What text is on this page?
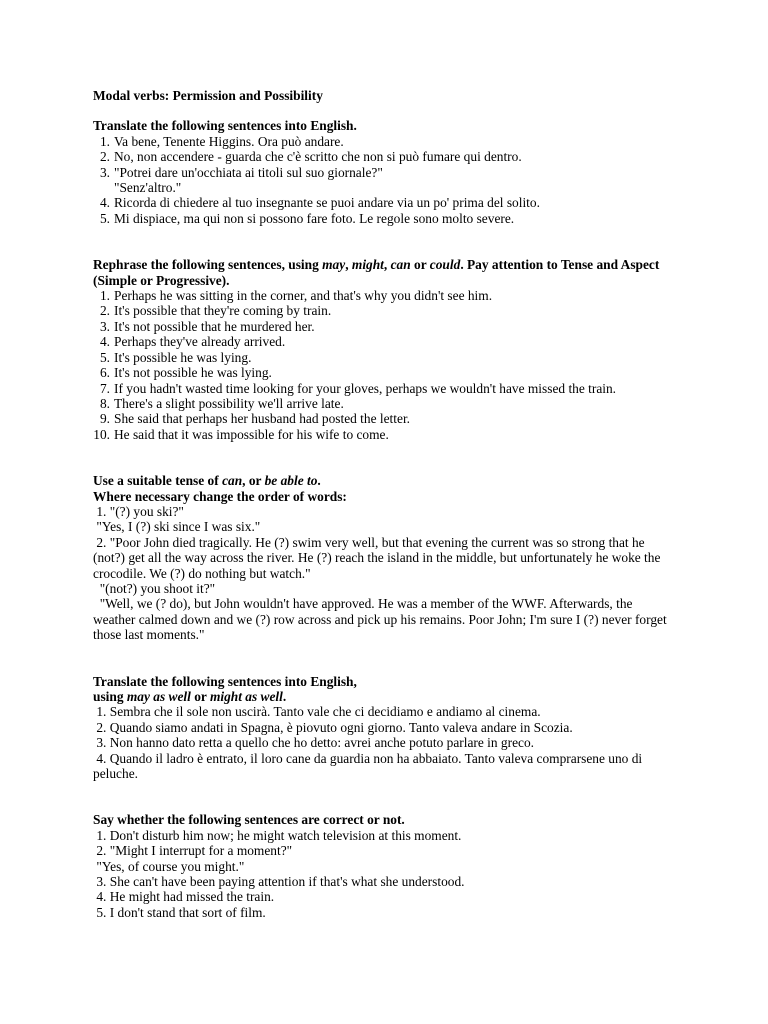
Modal verbs: Permission and Possibility
Translate the following sentences into English.
1. Va bene, Tenente Higgins. Ora può andare.
2. No, non accendere - guarda che c'è scritto che non si può fumare qui dentro.
3. "Potrei dare un'occhiata ai titoli sul suo giornale?"
"Senz'altro."
4. Ricorda di chiedere al tuo insegnante se puoi andare via un po' prima del solito.
5. Mi dispiace, ma qui non si possono fare foto. Le regole sono molto severe.
Rephrase the following sentences, using may, might, can or could. Pay attention to Tense and Aspect (Simple or Progressive).
1. Perhaps he was sitting in the corner, and that's why you didn't see him.
2. It's possible that they're coming by train.
3. It's not possible that he murdered her.
4. Perhaps they've already arrived.
5. It's possible he was lying.
6. It's not possible he was lying.
7. If you hadn't wasted time looking for your gloves, perhaps we wouldn't have missed the train.
8. There's a slight possibility we'll arrive late.
9. She said that perhaps her husband had posted the letter.
10. He said that it was impossible for his wife to come.
Use a suitable tense of can, or be able to.
Where necessary change the order of words:
1. "(?) you ski?"
"Yes, I (?) ski since I was six."
2. "Poor John died tragically. He (?) swim very well, but that evening the current was so strong that he (not?) get all the way across the river. He (?) reach the island in the middle, but unfortunately he woke the crocodile. We (?) do nothing but watch."
"(not?) you shoot it?"
"Well, we (? do), but John wouldn't have approved. He was a member of the WWF. Afterwards, the weather calmed down and we (?) row across and pick up his remains. Poor John; I'm sure I (?) never forget those last moments."
Translate the following sentences into English,
using may as well or might as well.
1. Sembra che il sole non uscirà. Tanto vale che ci decidiamo e andiamo al cinema.
2. Quando siamo andati in Spagna, è piovuto ogni giorno. Tanto valeva andare in Scozia.
3. Non hanno dato retta a quello che ho detto: avrei anche potuto parlare in greco.
4. Quando il ladro è entrato, il loro cane da guardia non ha abbaiato. Tanto valeva comprarsene uno di peluche.
Say whether the following sentences are correct or not.
1. Don't disturb him now; he might watch television at this moment.
2. "Might I interrupt for a moment?"
"Yes, of course you might."
3. She can't have been paying attention if that's what she understood.
4. He might had missed the train.
5. I don't stand that sort of film.
